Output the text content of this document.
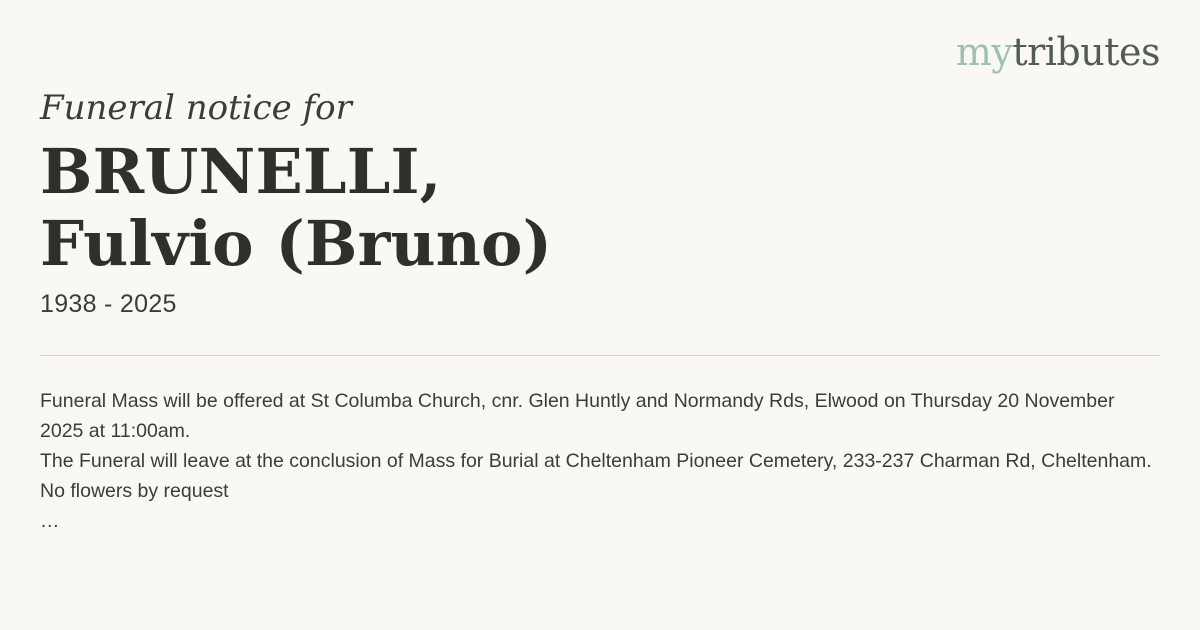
mytributes
Funeral notice for
BRUNELLI,
Fulvio (Bruno)
1938 - 2025

Funeral Mass will be offered at St Columba Church, cnr. Glen Huntly and Normandy Rds, Elwood on Thursday 20 November 2025 at 11:00am.

The Funeral will leave at the conclusion of Mass for Burial at Cheltenham Pioneer Cemetery, 233-237 Charman Rd, Cheltenham.

No flowers by request

…
